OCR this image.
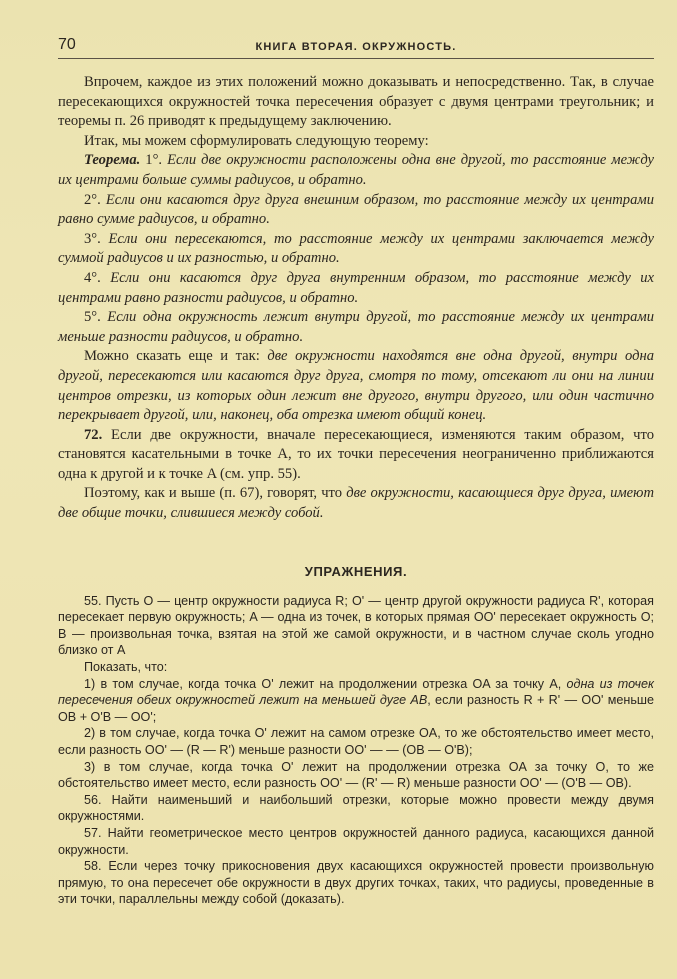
70	КНИГА ВТОРАЯ. ОКРУЖНОСТЬ.

Впрочем, каждое из этих положений можно доказывать и непосредственно. Так, в случае пересекающихся окружностей точка пересечения образует с двумя центрами треугольник; и теоремы п. 26 приводят к предыдущему заключению.

Итак, мы можем сформулировать следующую теорему:

Теорема. 1°. Если две окружности расположены одна вне другой, то расстояние между их центрами больше суммы радиусов, и обратно.

2°. Если они касаются друг друга внешним образом, то расстояние между их центрами равно сумме радиусов, и обратно.

3°. Если они пересекаются, то расстояние между их центрами заключается между суммой радиусов и их разностью, и обратно.

4°. Если они касаются друг друга внутренним образом, то расстояние между их центрами равно разности радиусов, и обратно.

5°. Если одна окружность лежит внутри другой, то расстояние между их центрами меньше разности радиусов, и обратно.

Можно сказать еще и так: две окружности находятся вне одна другой, внутри одна другой, пересекаются или касаются друг друга, смотря по тому, отсекают ли они на линии центров отрезки, из которых один лежит вне другого, внутри другого, или один частично перекрывает другой, или, наконец, оба отрезка имеют общий конец.

72. Если две окружности, вначале пересекающиеся, изменяются таким образом, что становятся касательными в точке A, то их точки пересечения неограниченно приближаются одна к другой и к точке A (см. упр. 55).

Поэтому, как и выше (п. 67), говорят, что две окружности, касающиеся друг друга, имеют две общие точки, слившиеся между собой.

УПРАЖНЕНИЯ.

55. Пусть O — центр окружности радиуса R; O' — центр другой окружности радиуса R', которая пересекает первую окружность; A — одна из точек, в которых прямая OO' пересекает окружность O; B — произвольная точка, взятая на этой же самой окружности, и в частном случае сколь угодно близко от A

Показать, что:

1) в том случае, когда точка O' лежит на продолжении отрезка OA за точку A, одна из точек пересечения обеих окружностей лежит на меньшей дуге AB, если разность R + R' — OO' меньше OB + O'B — OO';

2) в том случае, когда точка O' лежит на самом отрезке OA, то же обстоятельство имеет место, если разность OO' — (R — R') меньше разности OO' — — (OB — O'B);

3) в том случае, когда точка O' лежит на продолжении отрезка OA за точку O, то же обстоятельство имеет место, если разность OO' — (R' — R) меньше разности OO' — (O'B — OB).

56. Найти наименьший и наибольший отрезки, которые можно провести между двумя окружностями.

57. Найти геометрическое место центров окружностей данного радиуса, касающихся данной окружности.

58. Если через точку прикосновения двух касающихся окружностей провести произвольную прямую, то она пересечет обе окружности в двух других точках, таких, что радиусы, проведенные в эти точки, параллельны между собой (доказать).
